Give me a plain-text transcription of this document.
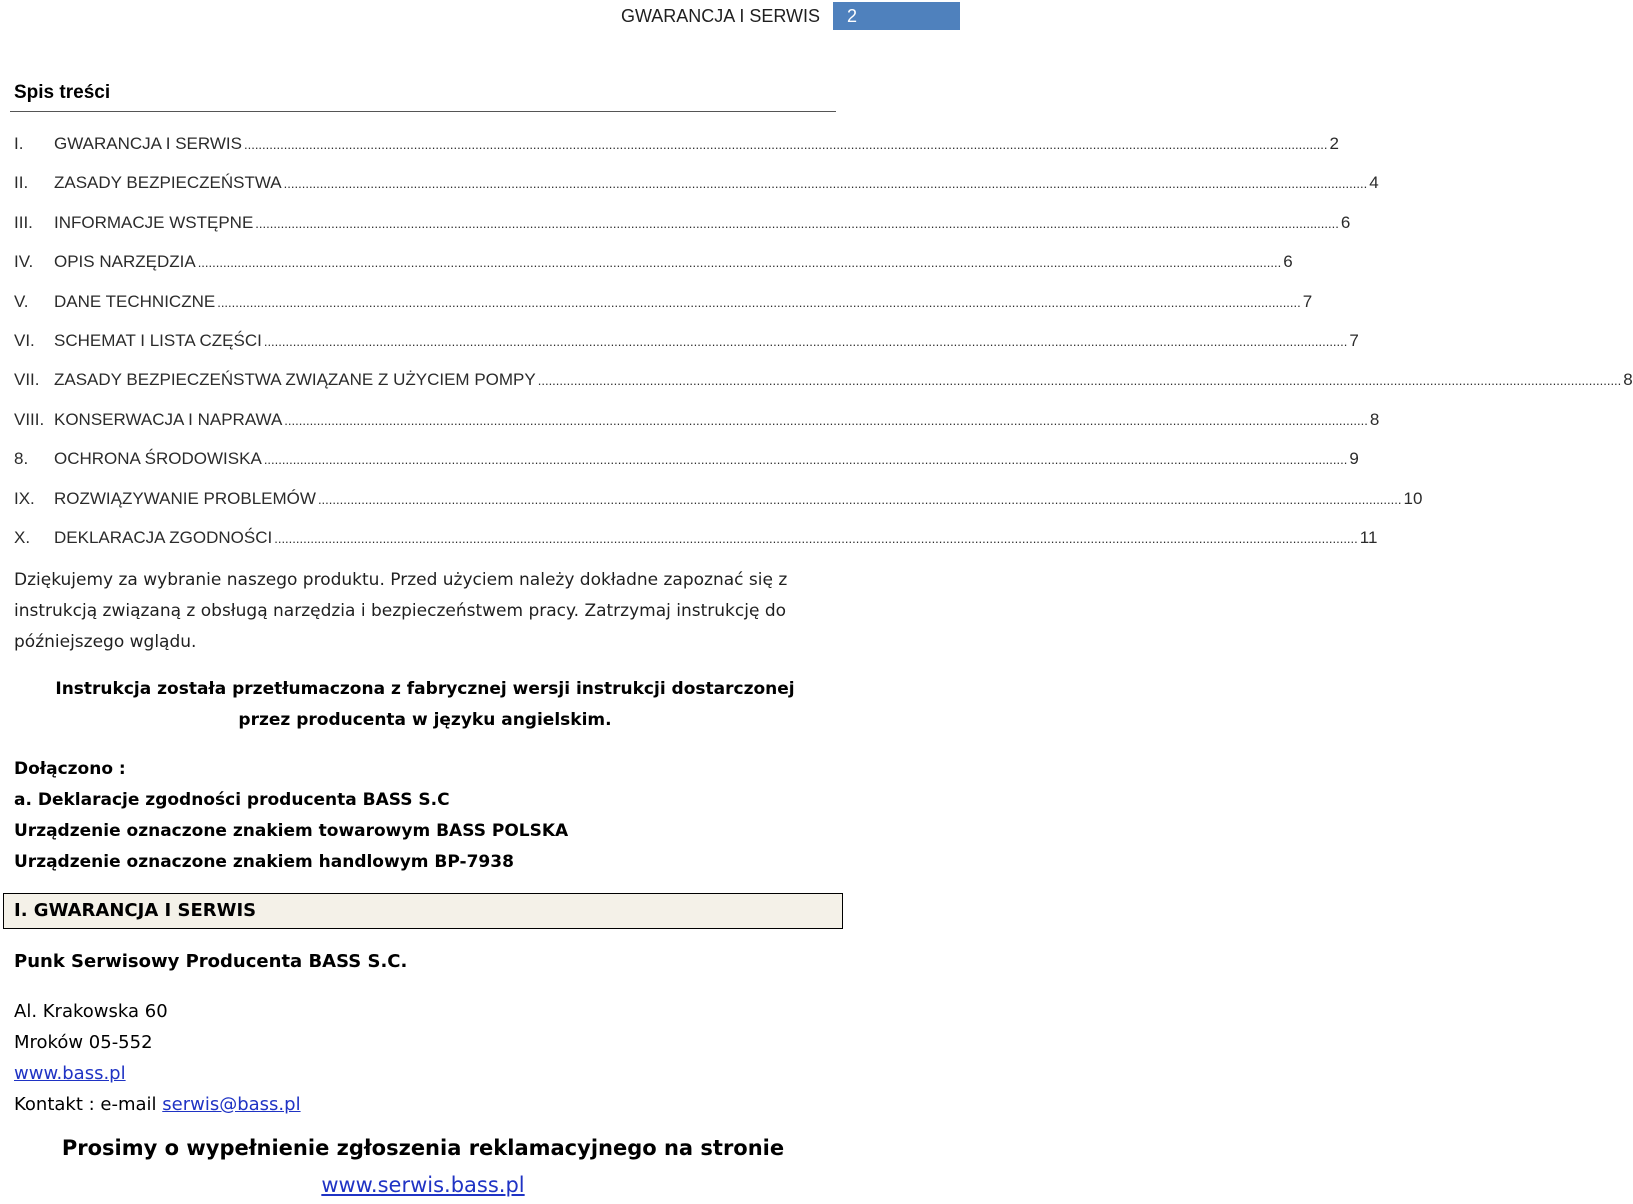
GWARANCJA I SERWIS	2
Spis treści
I.	GWARANCJA I SERWIS ............................................................................................................................................................................................................................................................................................................ 2
II.	ZASADY BEZPIECZEŃSTWA ............................................................................................................................................................................................................................................................................................................ 4
III.	INFORMACJE WSTĘPNE ............................................................................................................................................................................................................................................................................................................ 6
IV.	OPIS NARZĘDZIA ............................................................................................................................................................................................................................................................................................................ 6
V.	DANE TECHNICZNE ............................................................................................................................................................................................................................................................................................................ 7
VI.	SCHEMAT I LISTA CZĘŚCI ............................................................................................................................................................................................................................................................................................................ 7
VII. ZASADY BEZPIECZEŃSTWA ZWIĄZANE Z UŻYCIEM POMPY ............................................................................................................................................................................................................................................................................................................ 8
VIII. KONSERWACJA I NAPRAWA ............................................................................................................................................................................................................................................................................................................ 8
8.	OCHRONA ŚRODOWISKA ............................................................................................................................................................................................................................................................................................................ 9
IX.	ROZWIĄZYWANIE PROBLEMÓW ............................................................................................................................................................................................................................................................................................................ 10
X.	DEKLARACJA ZGODNOŚCI ............................................................................................................................................................................................................................................................................................................ 11
Dziękujemy za wybranie naszego produktu. Przed użyciem należy dokładne zapoznać się z instrukcją związaną z obsługą narzędzia i bezpieczeństwem pracy. Zatrzymaj instrukcję do późniejszego wglądu.
Instrukcja została przetłumaczona z fabrycznej wersji instrukcji dostarczonej przez producenta w języku angielskim.
Dołączono :
a. Deklaracje zgodności producenta BASS S.C
Urządzenie oznaczone znakiem towarowym BASS POLSKA
Urządzenie oznaczone znakiem handlowym BP-7938
I. GWARANCJA I SERWIS
Punk Serwisowy Producenta BASS S.C.
Al. Krakowska 60
Mroków 05-552
www.bass.pl
Kontakt : e-mail serwis@bass.pl
Prosimy o wypełnienie zgłoszenia reklamacyjnego na stronie
www.serwis.bass.pl
